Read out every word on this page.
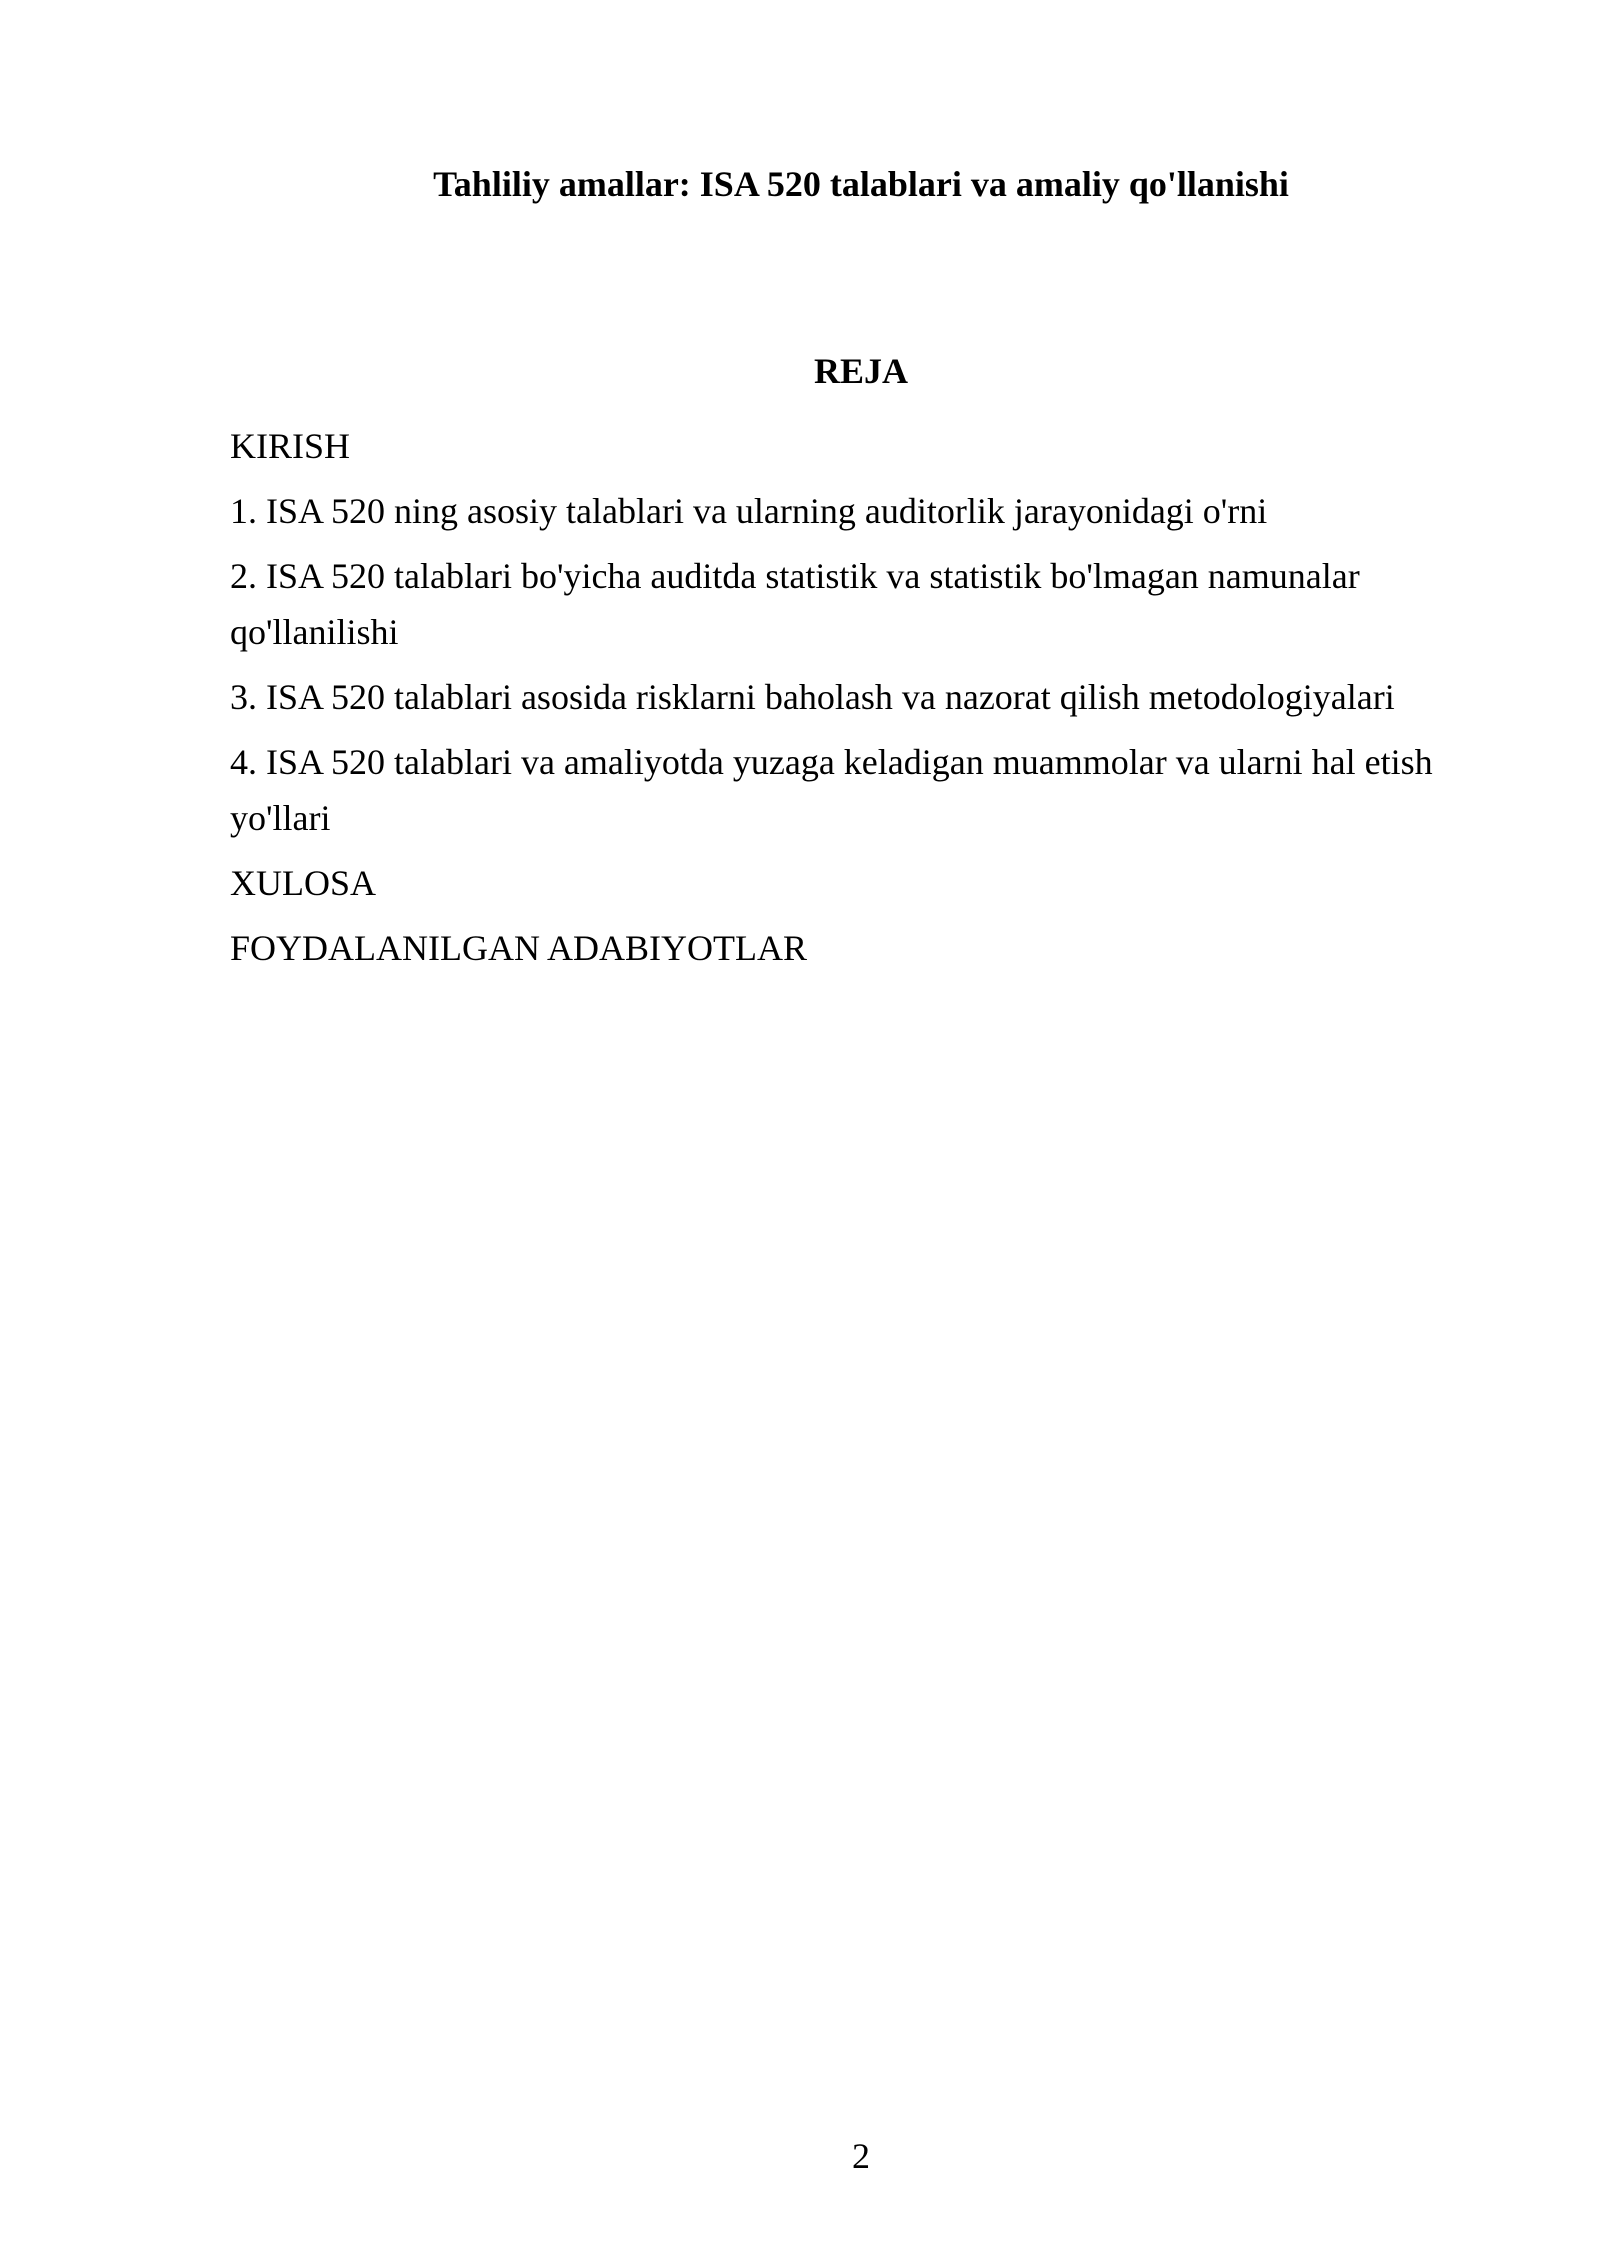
Tahliliy amallar: ISA 520 talablari va amaliy qo'llanishi
REJA
KIRISH
1. ISA 520 ning asosiy talablari va ularning auditorlik jarayonidagi o'rni
2. ISA 520 talablari bo'yicha auditda statistik va statistik bo'lmagan namunalar qo'llanilishi
3. ISA 520 talablari asosida risklarni baholash va nazorat qilish metodologiyalari
4. ISA 520 talablari va amaliyotda yuzaga keladigan muammolar va ularni hal etish yo'llari
XULOSA
FOYDALANILGAN ADABIYOTLAR
2
